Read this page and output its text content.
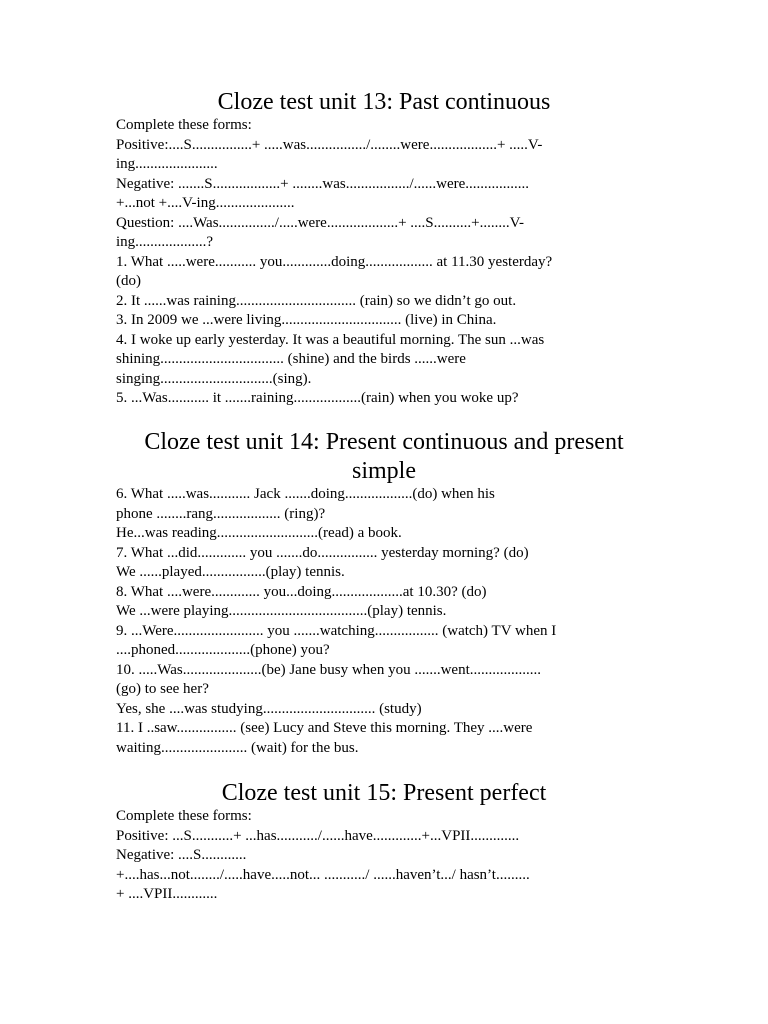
Cloze test unit 13: Past continuous
Complete these forms:
Positive:....S................+ .....was................/........were..................+ .....V-
ing......................
Negative: .......S..................+ ........was................./......were.................
+...not +....V-ing.....................
Question: ....Was.............../.....were...................+ ....S..........+........V-
ing...................?
1. What .....were........... you.............doing.................. at 11.30 yesterday?
(do)
2. It ......was raining................................ (rain) so we didn’t go out.
3. In 2009 we ...were living................................ (live) in China.
4. I woke up early yesterday. It was a beautiful morning. The sun ...was
shining................................. (shine) and the birds ......were
singing..............................(sing).
5. ...Was........... it .......raining..................(rain) when you woke up?
Cloze test unit 14: Present continuous and present
simple
6. What .....was........... Jack .......doing..................(do) when his
phone ........rang.................. (ring)?
He...was reading...........................(read) a book.
7. What ...did............. you .......do................ yesterday morning? (do)
We ......played.................(play) tennis.
8. What ....were............. you...doing...................at 10.30? (do)
We ...were playing.....................................(play) tennis.
9. ...Were........................ you .......watching................. (watch) TV when I
....phoned....................(phone) you?
10. .....Was.....................(be) Jane busy when you .......went...................
(go) to see her?
Yes, she ....was studying.............................. (study)
11. I ..saw................ (see) Lucy and Steve this morning. They ....were
waiting....................... (wait) for the bus.
Cloze test unit 15: Present perfect
Complete these forms:
Positive: ...S...........+ ...has.........../......have.............+...VPII.............
Negative: ....S............
+....has...not......../.....have.....not... .........../ ......haven’t.../ hasn’t.........
+ ....VPII............
